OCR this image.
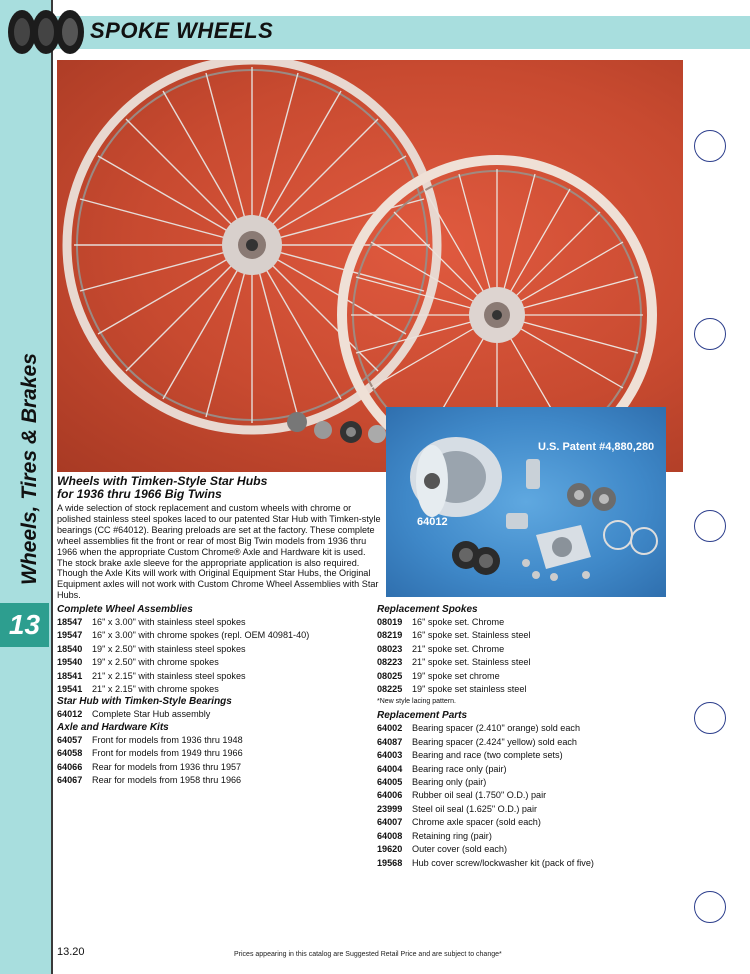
Wheels, Tires & Brakes
13
SPOKE WHEELS
U.S. Patent #4,880,280
64012
Wheels with Timken-Style Star Hubs
for 1936 thru 1966 Big Twins
A wide selection of stock replacement and custom wheels with chrome or polished stainless steel spokes laced to our patented Star Hub with Timken-style bearings (CC #64012). Bearing preloads are set at the factory. These complete wheel assemblies fit the front or rear of most Big Twin models from 1936 thru 1966 when the appropriate Custom Chrome® Axle and Hardware kit is used. The stock brake axle sleeve for the appropriate application is also required. Though the Axle Kits will work with Original Equipment Star Hubs, the Original Equipment axles will not work with Custom Chrome Wheel Assemblies with Star Hubs.

Complete Wheel Assemblies

18547 16" x 3.00" with stainless steel spokes
19547 16" x 3.00" with chrome spokes (repl. OEM 40981-40)
18540 19" x 2.50" with stainless steel spokes
19540 19" x 2.50" with chrome spokes
18541 21" x 2.15" with stainless steel spokes
19541 21" x 2.15" with chrome spokes

Star Hub with Timken-Style Bearings

64012 Complete Star Hub assembly

Axle and Hardware Kits

64057 Front for models from 1936 thru 1948
64058 Front for models from 1949 thru 1966
64066 Rear for models from 1936 thru 1957
64067 Rear for models from 1958 thru 1966

Replacement Spokes

08019 16" spoke set. Chrome
08219 16" spoke set. Stainless steel
08023 21" spoke set. Chrome
08223 21" spoke set. Stainless steel
08025 19" spoke set chrome
08225 19" spoke set stainless steel
*New style lacing pattern.

Replacement Parts

64002 Bearing spacer (2.410" orange) sold each
64087 Bearing spacer (2.424" yellow) sold each
64003 Bearing and race (two complete sets)
64004 Bearing race only (pair)
64005 Bearing only (pair)
64006 Rubber oil seal (1.750" O.D.) pair
23999 Steel oil seal (1.625" O.D.) pair
64007 Chrome axle spacer (sold each)
64008 Retaining ring (pair)
19620 Outer cover (sold each)
19568 Hub cover screw/lockwasher kit (pack of five)
13.20	Prices appearing in this catalog are Suggested Retail Price and are subject to change*
